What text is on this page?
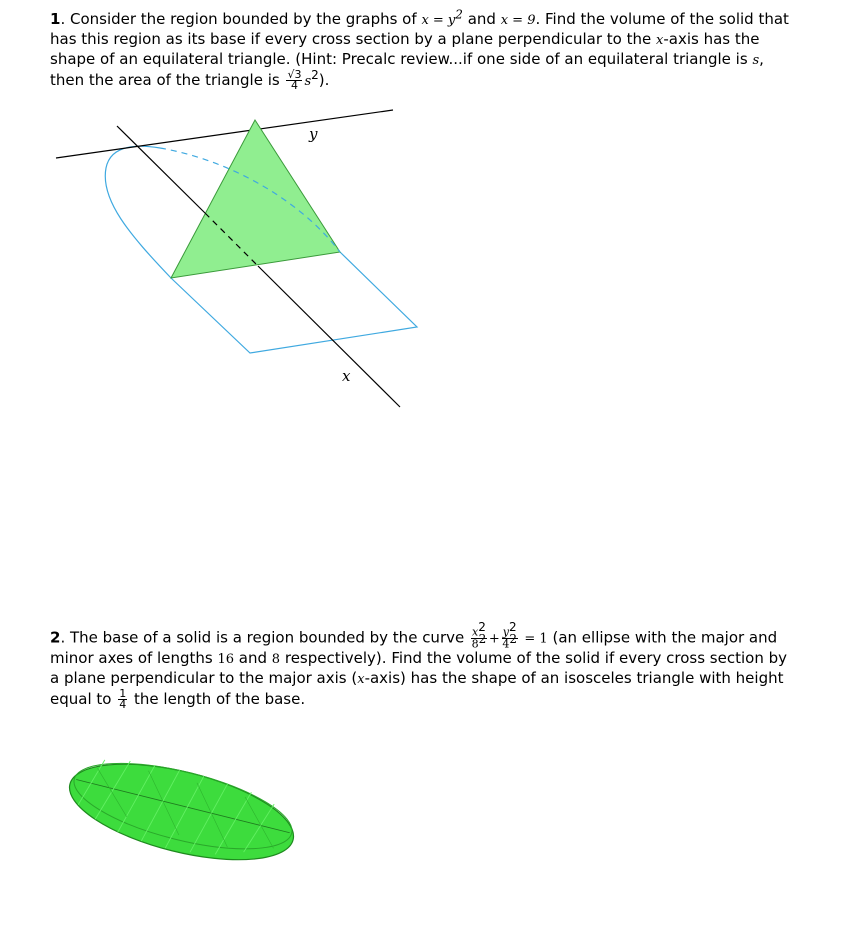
1. Consider the region bounded by the graphs of $x = y^2$ and x = 9. Find the volume of the solid that has this region as its base if every cross section by a plane perpendicular to the x-axis has the shape of an equilateral triangle. (Hint: Precalc review...if one side of an equilateral triangle is s, then the area of the triangle is $\frac{√3}{4} s^2$).

y
x

2. The base of a solid is a region bounded by the curve $\frac{x^2}{8^2} + \frac{y^2}{4^2} = 1$ (an ellipse with the major and minor axes of lengths 16 and 8 respectively). Find the volume of the solid if every cross section by a plane perpendicular to the major axis (x-axis) has the shape of an isosceles triangle with height equal to $\frac{1}{4}$ the length of the base.
